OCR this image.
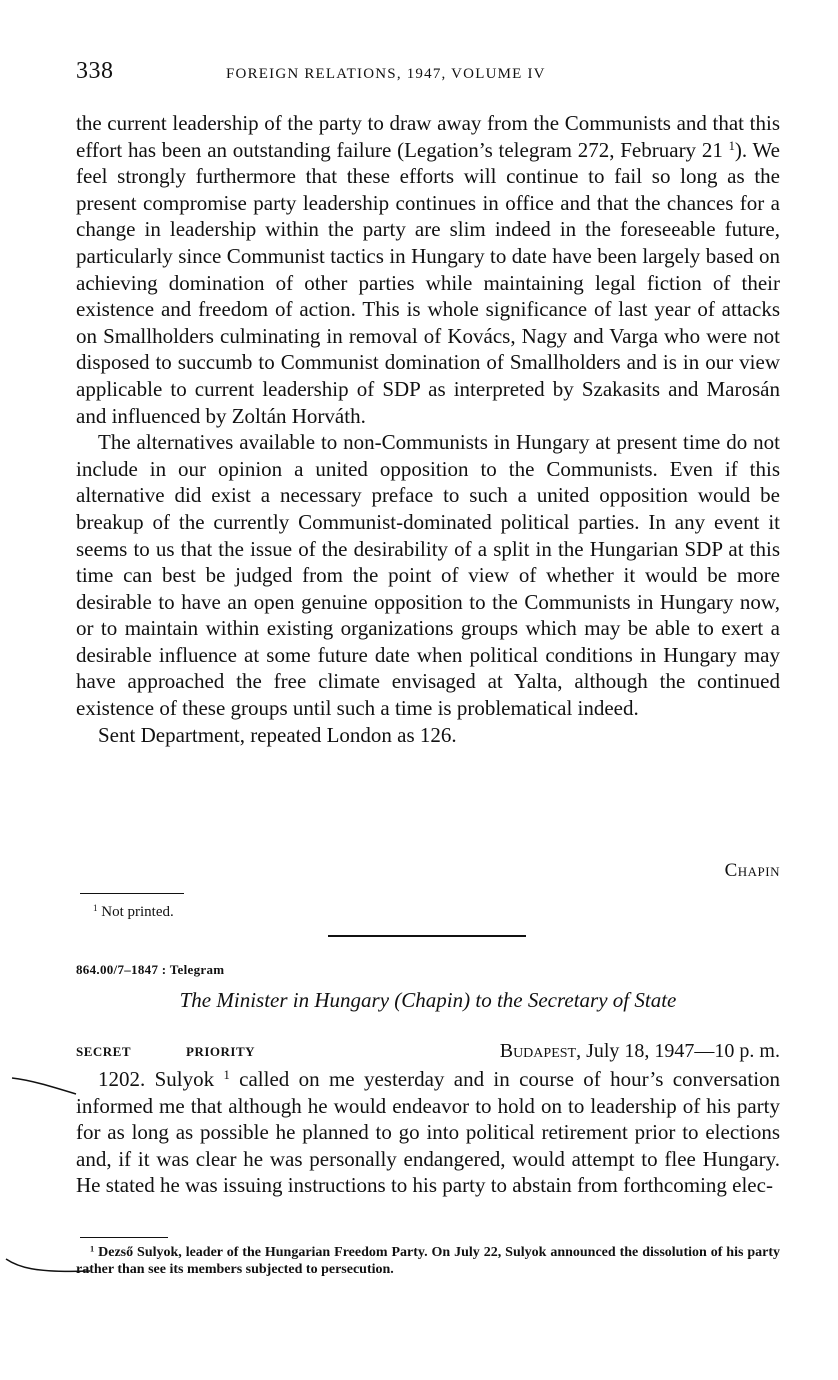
338	FOREIGN RELATIONS, 1947, VOLUME IV

the current leadership of the party to draw away from the Communists and that this effort has been an outstanding failure (Legation’s telegram 272, February 21 $^1$). We feel strongly furthermore that these efforts will continue to fail so long as the present compromise party leadership continues in office and that the chances for a change in leadership within the party are slim indeed in the foreseeable future, particularly since Communist tactics in Hungary to date have been largely based on achieving domination of other parties while maintaining legal fiction of their existence and freedom of action. This is whole significance of last year of attacks on Smallholders culminating in removal of Kovács, Nagy and Varga who were not disposed to succumb to Communist domination of Smallholders and is in our view applicable to current leadership of SDP as interpreted by Szakasits and Marosán and influenced by Zoltán Horváth.

The alternatives available to non-Communists in Hungary at present time do not include in our opinion a united opposition to the Communists. Even if this alternative did exist a necessary preface to such a united opposition would be breakup of the currently Communist-dominated political parties. In any event it seems to us that the issue of the desirability of a split in the Hungarian SDP at this time can best be judged from the point of view of whether it would be more desirable to have an open genuine opposition to the Communists in Hungary now, or to maintain within existing organizations groups which may be able to exert a desirable influence at some future date when political conditions in Hungary may have approached the free climate envisaged at Yalta, although the continued existence of these groups until such a time is problematical indeed.

Sent Department, repeated London as 126.

Chapin
$^1$ Not printed.
864.00/7–1847 : Telegram
The Minister in Hungary (Chapin) to the Secretary of State
SECRET	PRIORITY	Budapest, July 18, 1947—10 p. m.

1202. Sulyok $^1$ called on me yesterday and in course of hour’s conversation informed me that although he would endeavor to hold on to leadership of his party for as long as possible he planned to go into political retirement prior to elections and, if it was clear he was personally endangered, would attempt to flee Hungary. He stated he was issuing instructions to his party to abstain from forthcoming elec-

$^1$ Dezső Sulyok, leader of the Hungarian Freedom Party. On July 22, Sulyok announced the dissolution of his party rather than see its members subjected to persecution.
